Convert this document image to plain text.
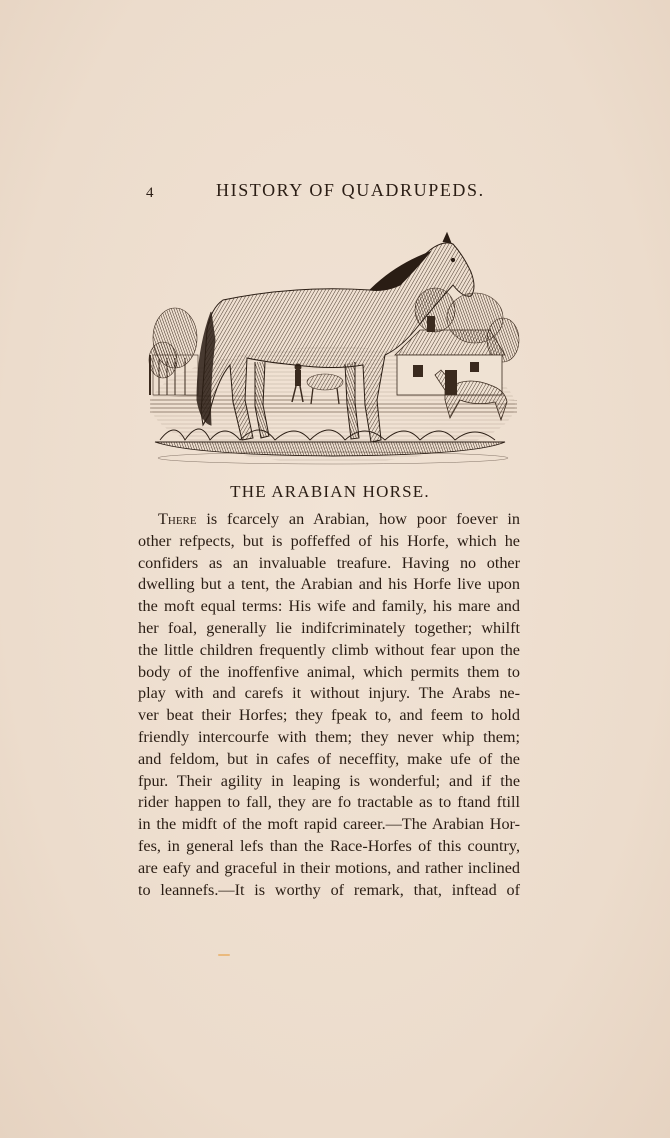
4	HISTORY OF QUADRUPEDS.
THE ARABIAN HORSE.
There is fcarcely an Arabian, how poor foever in
other refpects, but is poffeffed of his Horfe, which he
confiders as an invaluable treafure. Having no other
dwelling but a tent, the Arabian and his Horfe live upon
the moft equal terms: His wife and family, his mare and
her foal, generally lie indifcriminately together; whilft
the little children frequently climb without fear upon the
body of the inoffenfive animal, which permits them to
play with and carefs it without injury. The Arabs ne-
ver beat their Horfes; they fpeak to, and feem to hold
friendly intercourfe with them; they never whip them;
and feldom, but in cafes of neceffity, make ufe of the
fpur. Their agility in leaping is wonderful; and if the
rider happen to fall, they are fo tractable as to ftand ftill
in the midft of the moft rapid career.—The Arabian Hor-
fes, in general lefs than the Race-Horfes of this country,
are eafy and graceful in their motions, and rather inclined
to leannefs.—It is worthy of remark, that, inftead of
